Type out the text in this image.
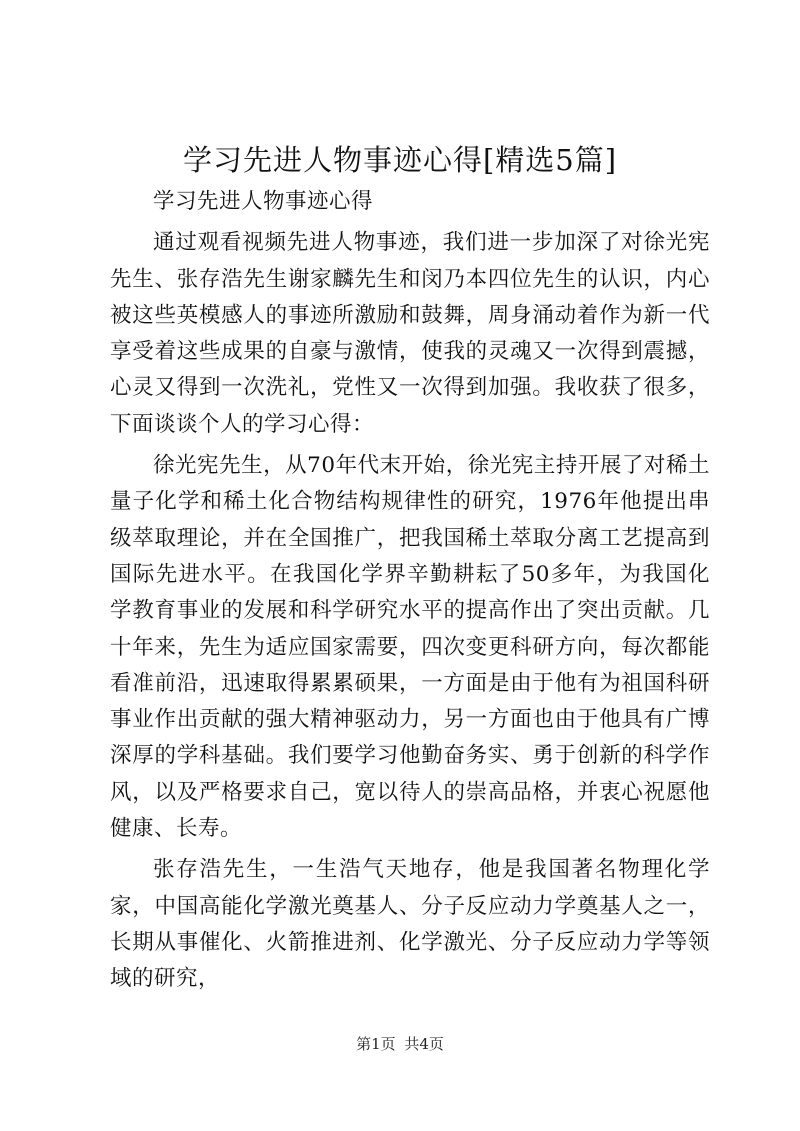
学习先进人物事迹心得[精选5篇]

学习先进人物事迹心得

通过观看视频先进人物事迹，我们进一步加深了对徐光宪先生、张存浩先生谢家麟先生和闵乃本四位先生的认识，内心被这些英模感人的事迹所激励和鼓舞，周身涌动着作为新一代享受着这些成果的自豪与激情，使我的灵魂又一次得到震撼，心灵又得到一次洗礼，党性又一次得到加强。我收获了很多，下面谈谈个人的学习心得：

徐光宪先生，从70年代末开始，徐光宪主持开展了对稀土量子化学和稀土化合物结构规律性的研究，1976年他提出串级萃取理论，并在全国推广，把我国稀土萃取分离工艺提高到国际先进水平。在我国化学界辛勤耕耘了50多年，为我国化学教育事业的发展和科学研究水平的提高作出了突出贡献。几十年来，先生为适应国家需要，四次变更科研方向，每次都能看准前沿，迅速取得累累硕果，一方面是由于他有为祖国科研事业作出贡献的强大精神驱动力，另一方面也由于他具有广博深厚的学科基础。我们要学习他勤奋务实、勇于创新的科学作风，以及严格要求自己，宽以待人的崇高品格，并衷心祝愿他健康、长寿。

张存浩先生，一生浩气天地存，他是我国著名物理化学家，中国高能化学激光奠基人、分子反应动力学奠基人之一，长期从事催化、火箭推进剂、化学激光、分子反应动力学等领域的研究，

第1页 共4页
